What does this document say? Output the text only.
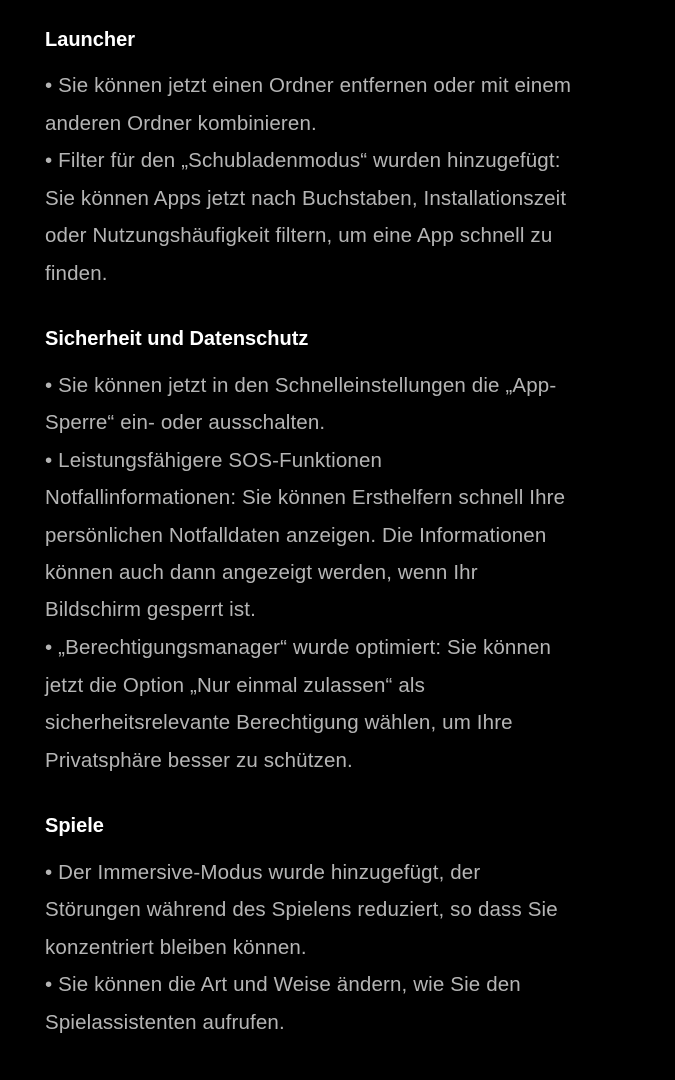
Launcher
• Sie können jetzt einen Ordner entfernen oder mit einem
anderen Ordner kombinieren.
• Filter für den „Schubladenmodus“ wurden hinzugefügt:
Sie können Apps jetzt nach Buchstaben, Installationszeit
oder Nutzungshäufigkeit filtern, um eine App schnell zu
finden.
Sicherheit und Datenschutz
• Sie können jetzt in den Schnelleinstellungen die „App-
Sperre“ ein- oder ausschalten.
• Leistungsfähigere SOS-Funktionen
Notfallinformationen: Sie können Ersthelfern schnell Ihre
persönlichen Notfalldaten anzeigen. Die Informationen
können auch dann angezeigt werden, wenn Ihr
Bildschirm gesperrt ist.
• „Berechtigungsmanager“ wurde optimiert: Sie können
jetzt die Option „Nur einmal zulassen“ als
sicherheitsrelevante Berechtigung wählen, um Ihre
Privatsphäre besser zu schützen.
Spiele
• Der Immersive-Modus wurde hinzugefügt, der
Störungen während des Spielens reduziert, so dass Sie
konzentriert bleiben können.
• Sie können die Art und Weise ändern, wie Sie den
Spielassistenten aufrufen.
